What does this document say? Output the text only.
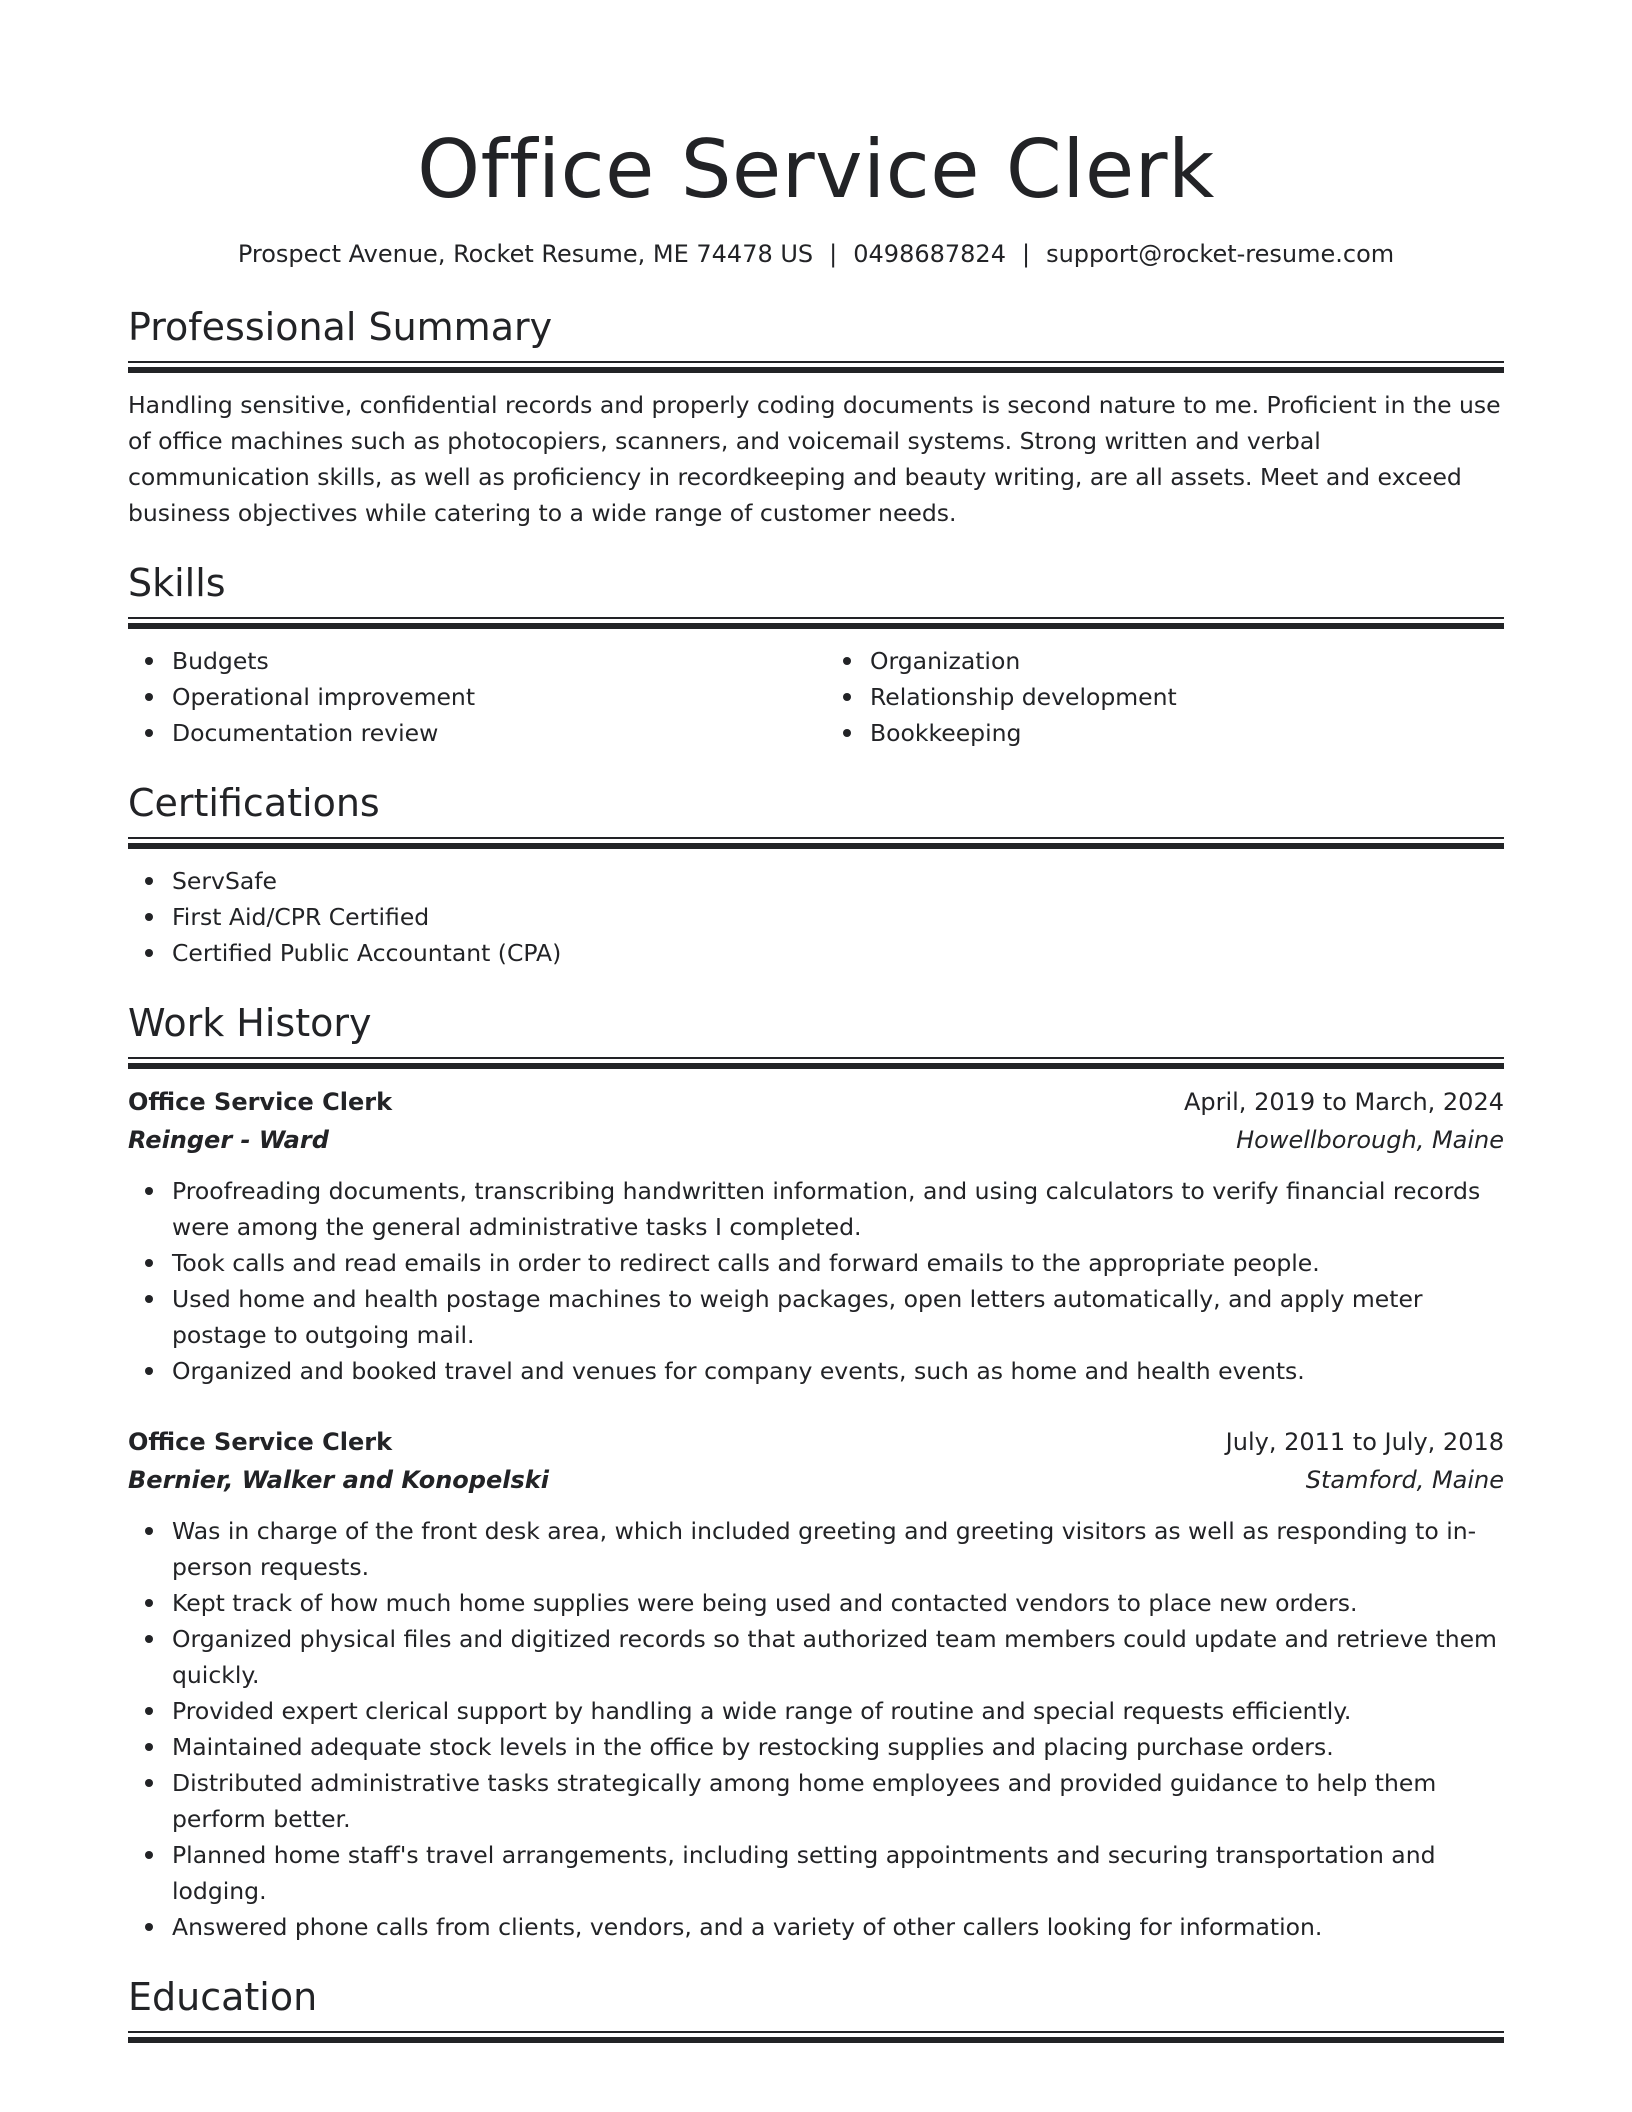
Office Service Clerk
Prospect Avenue, Rocket Resume, ME 74478 US | 0498687824 | support@rocket-resume.com
Professional Summary

Handling sensitive, confidential records and properly coding documents is second nature to me. Proficient in the use of office machines such as photocopiers, scanners, and voicemail systems. Strong written and verbal communication skills, as well as proficiency in recordkeeping and beauty writing, are all assets. Meet and exceed business objectives while catering to a wide range of customer needs.

Skills
Budgets
Operational improvement
Documentation review
Organization
Relationship development
Bookkeeping
Certifications
ServSafe
First Aid/CPR Certified
Certified Public Accountant (CPA)
Work History
Office Service Clerk	April, 2019 to March, 2024
Reinger - Ward	Howellborough, Maine
Proofreading documents, transcribing handwritten information, and using calculators to verify financial records were among the general administrative tasks I completed.
Took calls and read emails in order to redirect calls and forward emails to the appropriate people.
Used home and health postage machines to weigh packages, open letters automatically, and apply meter postage to outgoing mail.
Organized and booked travel and venues for company events, such as home and health events.
Office Service Clerk	July, 2011 to July, 2018
Bernier, Walker and Konopelski	Stamford, Maine
Was in charge of the front desk area, which included greeting and greeting visitors as well as responding to in-person requests.
Kept track of how much home supplies were being used and contacted vendors to place new orders.
Organized physical files and digitized records so that authorized team members could update and retrieve them quickly.
Provided expert clerical support by handling a wide range of routine and special requests efficiently.
Maintained adequate stock levels in the office by restocking supplies and placing purchase orders.
Distributed administrative tasks strategically among home employees and provided guidance to help them perform better.
Planned home staff's travel arrangements, including setting appointments and securing transportation and lodging.
Answered phone calls from clients, vendors, and a variety of other callers looking for information.
Education
